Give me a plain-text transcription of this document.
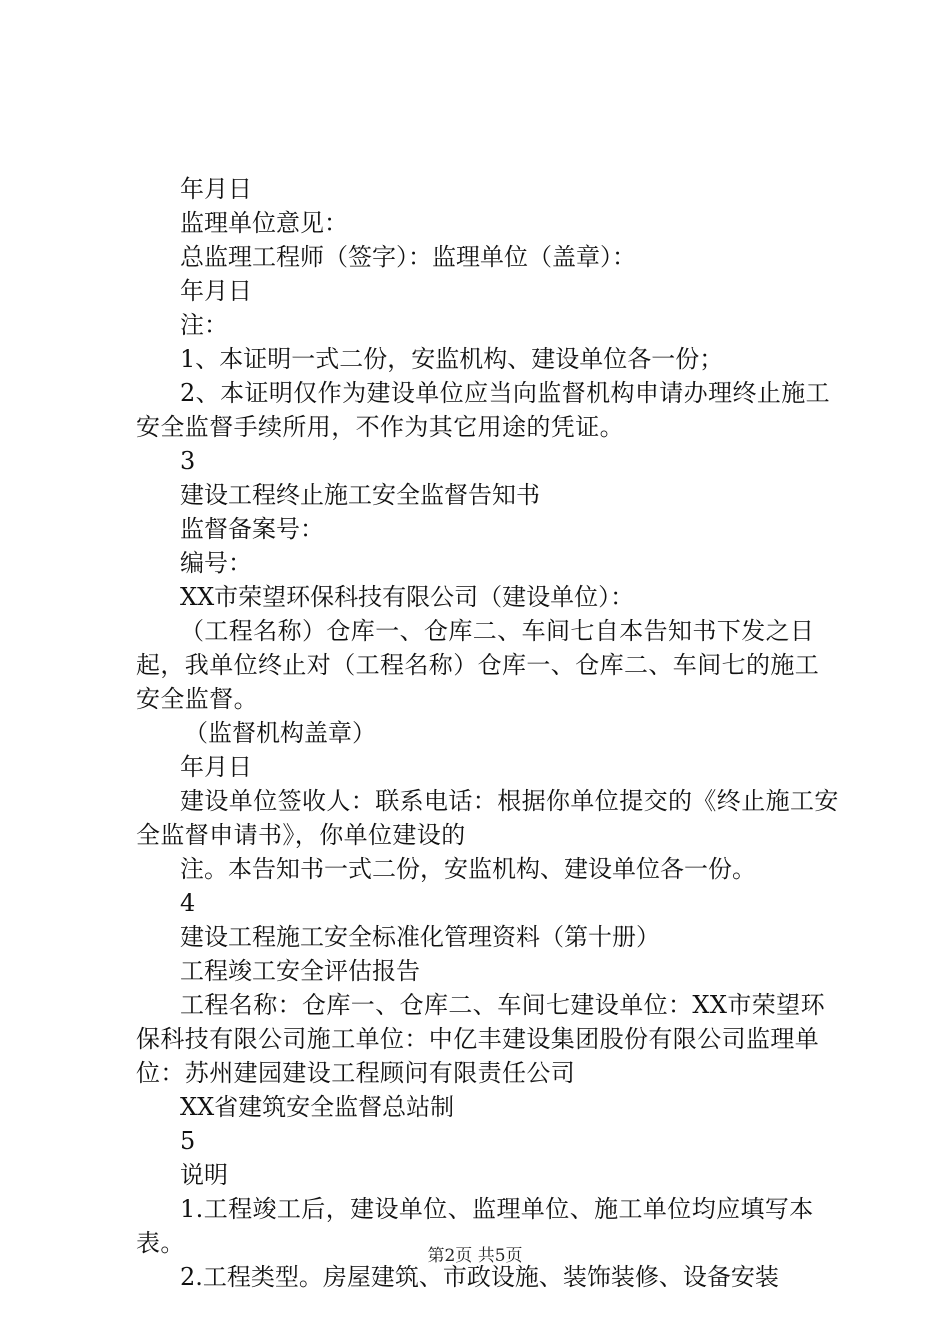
年月日

监理单位意见：

总监理工程师（签字）：监理单位（盖章）：

年月日

注：

1、本证明一式二份，安监机构、建设单位各一份；

2、本证明仅作为建设单位应当向监督机构申请办理终止施工安全监督手续所用，不作为其它用途的凭证。

3

建设工程终止施工安全监督告知书

监督备案号：

编号：

XX市荣望环保科技有限公司（建设单位）：

（工程名称）仓库一、仓库二、车间七自本告知书下发之日起，我单位终止对（工程名称）仓库一、仓库二、车间七的施工安全监督。

（监督机构盖章）

年月日

建设单位签收人：联系电话：根据你单位提交的《终止施工安全监督申请书》，你单位建设的

注。本告知书一式二份，安监机构、建设单位各一份。

4

建设工程施工安全标准化管理资料（第十册）

工程竣工安全评估报告

工程名称：仓库一、仓库二、车间七建设单位：XX市荣望环保科技有限公司施工单位：中亿丰建设集团股份有限公司监理单位：苏州建园建设工程顾问有限责任公司

XX省建筑安全监督总站制

5

说明

1.工程竣工后，建设单位、监理单位、施工单位均应填写本表。

2.工程类型。房屋建筑、市政设施、装饰装修、设备安装

第2页 共5页
